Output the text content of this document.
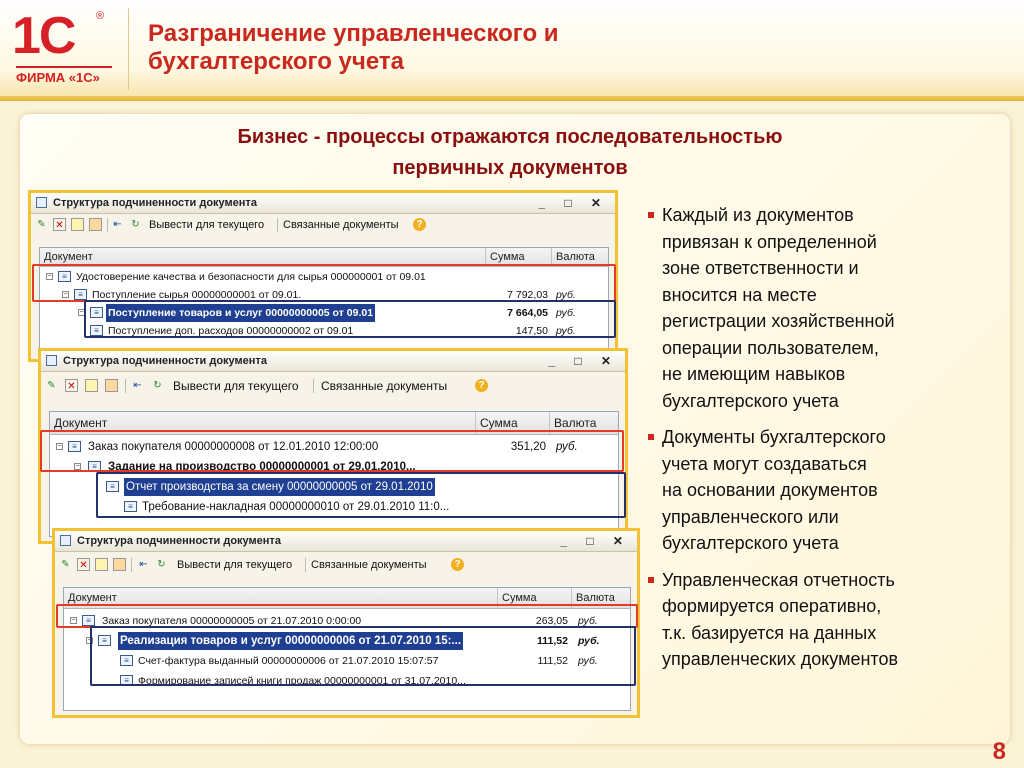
1С ®
ФИРМА «1С»
Разграничение управленческого и
бухгалтерского учета
Бизнес - процессы отражаются последовательностью
первичных документов
Структура подчиненности документа	_ □ ✕
✎ ✕	⇤ ↻ Вывести для текущего Связанные документы	?
Документ	Сумма	Валюта
−	≡ Удостоверение качества и безопасности для сырья 000000001 от 09.01
−	≡ Поступление сырья 00000000001 от 09.01.	7 792,03 руб.
−	≡ Поступление товаров и услуг 00000000005 от 09.01	7 664,05 руб.
≡ Поступление доп. расходов 00000000002 от 09.01	147,50 руб.
Структура подчиненности документа	_ □ ✕
✎ ✕	⇤ ↻ Вывести для текущего Связанные документы	?
Документ	Сумма	Валюта
−	≡ Заказ покупателя 00000000008 от 12.01.2010 12:00:00	351,20 руб.
−	≡ Задание на производство 00000000001 от 29.01.2010...
≡ Отчет производства за смену 00000000005 от 29.01.2010
≡ Требование-накладная 00000000010 от 29.01.2010 11:0...
Структура подчиненности документа	_ □ ✕
✎ ✕	⇤ ↻ Вывести для текущего Связанные документы	?
Документ	Сумма	Валюта
−	≡	Заказ покупателя 00000000005 от 21.07.2010 0:00:00	263,05 руб.
−	≡	Реализация товаров и услуг 00000000006 от 21.07.2010 15:...	111,52 руб.
≡ Счет-фактура выданный 00000000006 от 21.07.2010 15:07:57	111,52 руб.
≡ Формирование записей книги продаж 00000000001 от 31.07.2010...
Каждый из документов
привязан к определенной
зоне ответственности и
вносится на месте
регистрации хозяйственной
операции пользователем,
не имеющим навыков
бухгалтерского учета
Документы бухгалтерского
учета могут создаваться
на основании документов
управленческого или
бухгалтерского учета
Управленческая отчетность
формируется оперативно,
т.к. базируется на данных
управленческих документов
8
